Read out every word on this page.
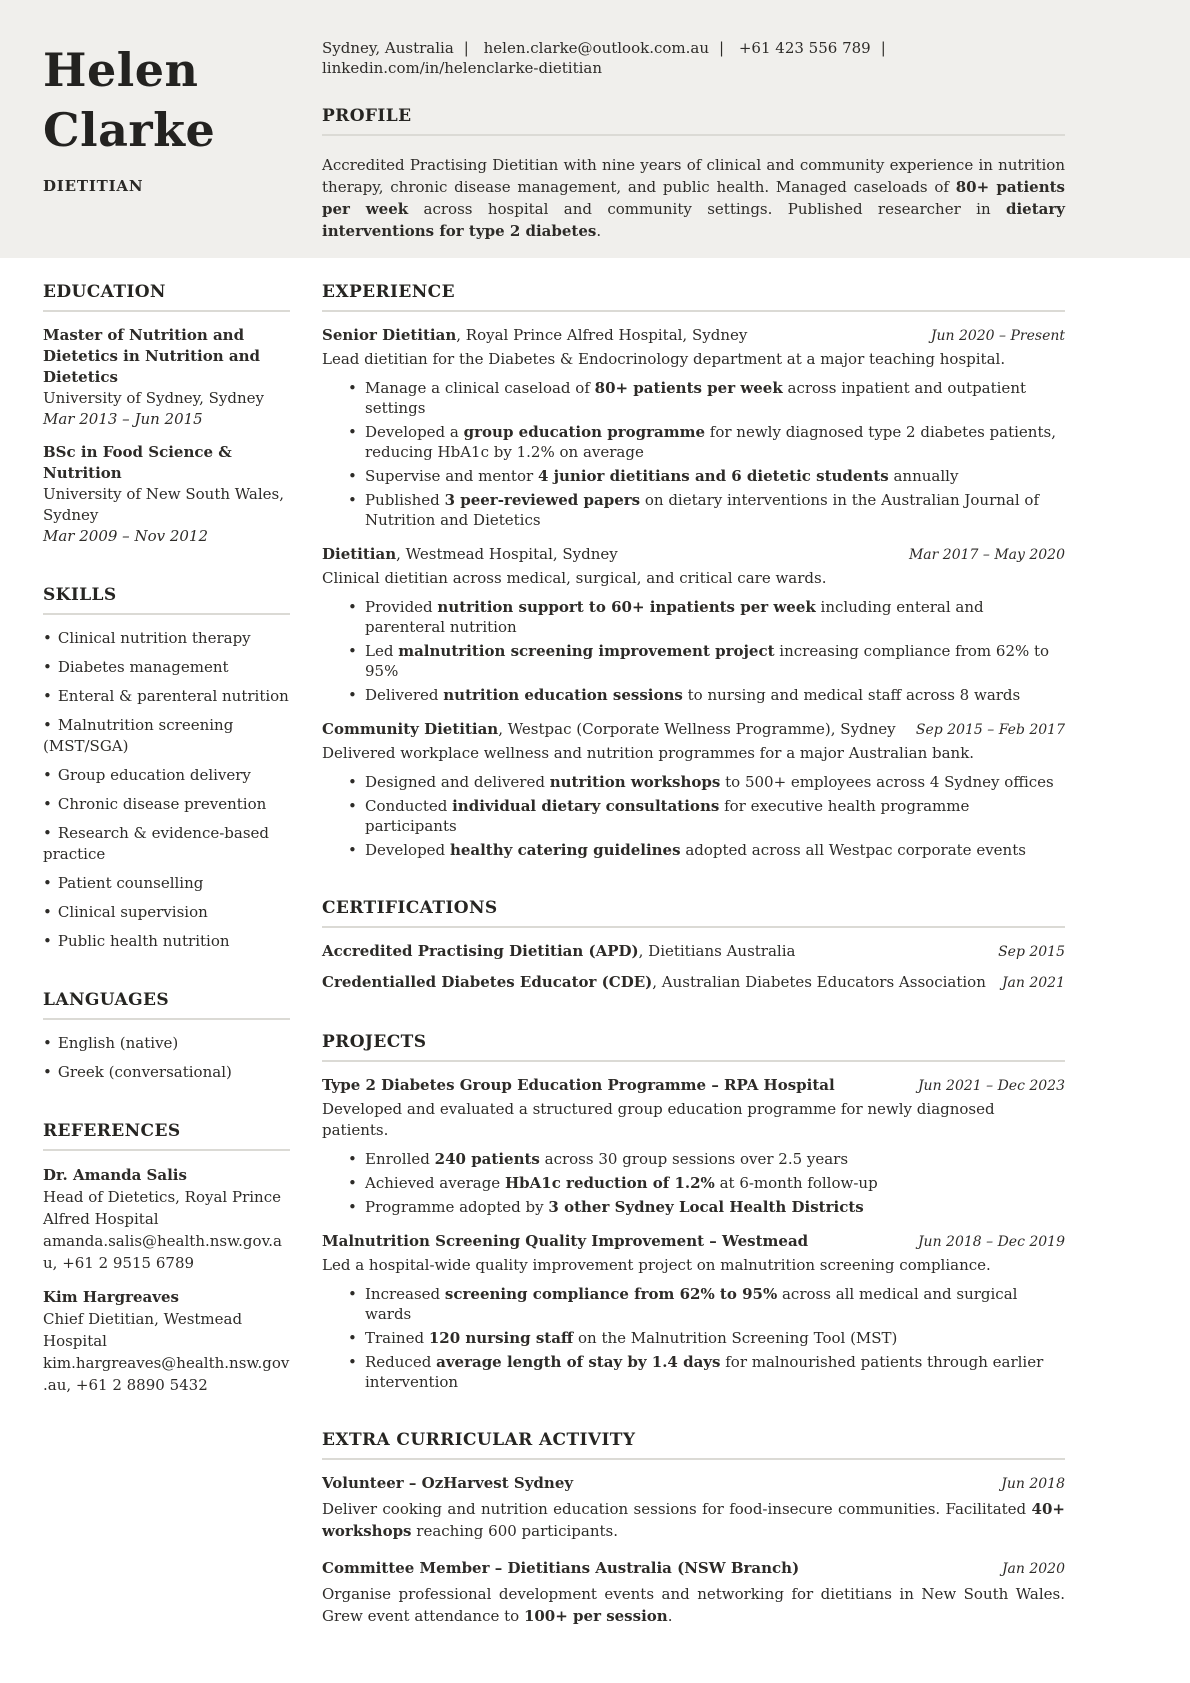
Helen
Clarke
DIETITIAN
Sydney, Australia | helen.clarke@outlook.com.au | +61 423 556 789 | linkedin.com/in/helenclarke-dietitian
PROFILE
Accredited Practising Dietitian with nine years of clinical and community experience in nutrition therapy, chronic disease management, and public health. Managed caseloads of 80+ patients per week across hospital and community settings. Published researcher in dietary interventions for type 2 diabetes.
EDUCATION
Master of Nutrition and Dietetics in Nutrition and Dietetics
University of Sydney, Sydney
Mar 2013 – Jun 2015
BSc in Food Science & Nutrition
University of New South Wales, Sydney
Mar 2009 – Nov 2012
SKILLS
• Clinical nutrition therapy
• Diabetes management
• Enteral & parenteral nutrition
• Malnutrition screening (MST/SGA)
• Group education delivery
• Chronic disease prevention
• Research & evidence-based practice
• Patient counselling
• Clinical supervision
• Public health nutrition
LANGUAGES
• English (native)
• Greek (conversational)
REFERENCES
Dr. Amanda Salis
Head of Dietetics, Royal Prince Alfred Hospital
amanda.salis@health.nsw.gov.au, +61 2 9515 6789
Kim Hargreaves
Chief Dietitian, Westmead Hospital
kim.hargreaves@health.nsw.gov.au, +61 2 8890 5432
EXPERIENCE
Senior Dietitian, Royal Prince Alfred Hospital, Sydney	Jun 2020 – Present
Lead dietitian for the Diabetes & Endocrinology department at a major teaching hospital.
• Manage a clinical caseload of 80+ patients per week across inpatient and outpatient settings
• Developed a group education programme for newly diagnosed type 2 diabetes patients, reducing HbA1c by 1.2% on average
• Supervise and mentor 4 junior dietitians and 6 dietetic students annually
• Published 3 peer-reviewed papers on dietary interventions in the Australian Journal of Nutrition and Dietetics
Dietitian, Westmead Hospital, Sydney	Mar 2017 – May 2020
Clinical dietitian across medical, surgical, and critical care wards.
• Provided nutrition support to 60+ inpatients per week including enteral and parenteral nutrition
• Led malnutrition screening improvement project increasing compliance from 62% to 95%
• Delivered nutrition education sessions to nursing and medical staff across 8 wards
Community Dietitian, Westpac (Corporate Wellness Programme), Sydney	Sep 2015 – Feb 2017
Delivered workplace wellness and nutrition programmes for a major Australian bank.
• Designed and delivered nutrition workshops to 500+ employees across 4 Sydney offices
• Conducted individual dietary consultations for executive health programme participants
• Developed healthy catering guidelines adopted across all Westpac corporate events
CERTIFICATIONS
Accredited Practising Dietitian (APD), Dietitians Australia	Sep 2015
Credentialled Diabetes Educator (CDE), Australian Diabetes Educators Association	Jan 2021
PROJECTS
Type 2 Diabetes Group Education Programme – RPA Hospital	Jun 2021 – Dec 2023
Developed and evaluated a structured group education programme for newly diagnosed patients.
• Enrolled 240 patients across 30 group sessions over 2.5 years
• Achieved average HbA1c reduction of 1.2% at 6-month follow-up
• Programme adopted by 3 other Sydney Local Health Districts
Malnutrition Screening Quality Improvement – Westmead	Jun 2018 – Dec 2019
Led a hospital-wide quality improvement project on malnutrition screening compliance.
• Increased screening compliance from 62% to 95% across all medical and surgical wards
• Trained 120 nursing staff on the Malnutrition Screening Tool (MST)
• Reduced average length of stay by 1.4 days for malnourished patients through earlier intervention
EXTRA CURRICULAR ACTIVITY
Volunteer – OzHarvest Sydney	Jun 2018
Deliver cooking and nutrition education sessions for food-insecure communities. Facilitated 40+ workshops reaching 600 participants.
Committee Member – Dietitians Australia (NSW Branch)	Jan 2020
Organise professional development events and networking for dietitians in New South Wales. Grew event attendance to 100+ per session.
